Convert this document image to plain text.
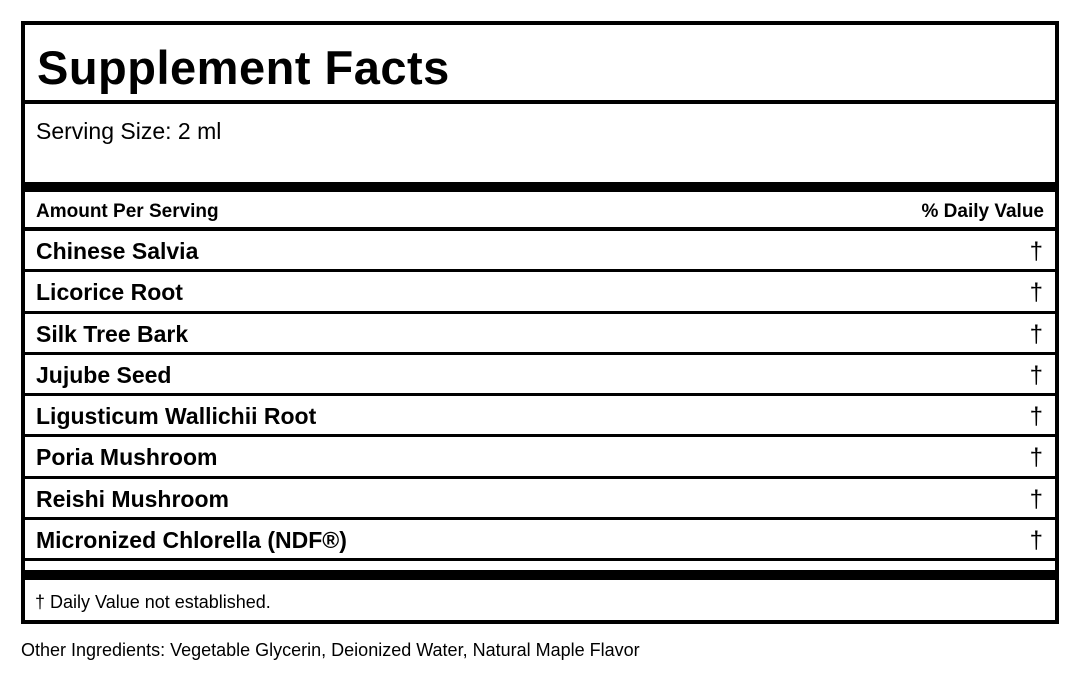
Supplement Facts
Serving Size: 2 ml
Amount Per Serving	% Daily Value
Chinese Salvia	†
Licorice Root	†
Silk Tree Bark	†
Jujube Seed	†
Ligusticum Wallichii Root	†
Poria Mushroom	†
Reishi Mushroom	†
Micronized Chlorella (NDF®)	†
† Daily Value not established.
Other Ingredients: Vegetable Glycerin, Deionized Water, Natural Maple Flavor
